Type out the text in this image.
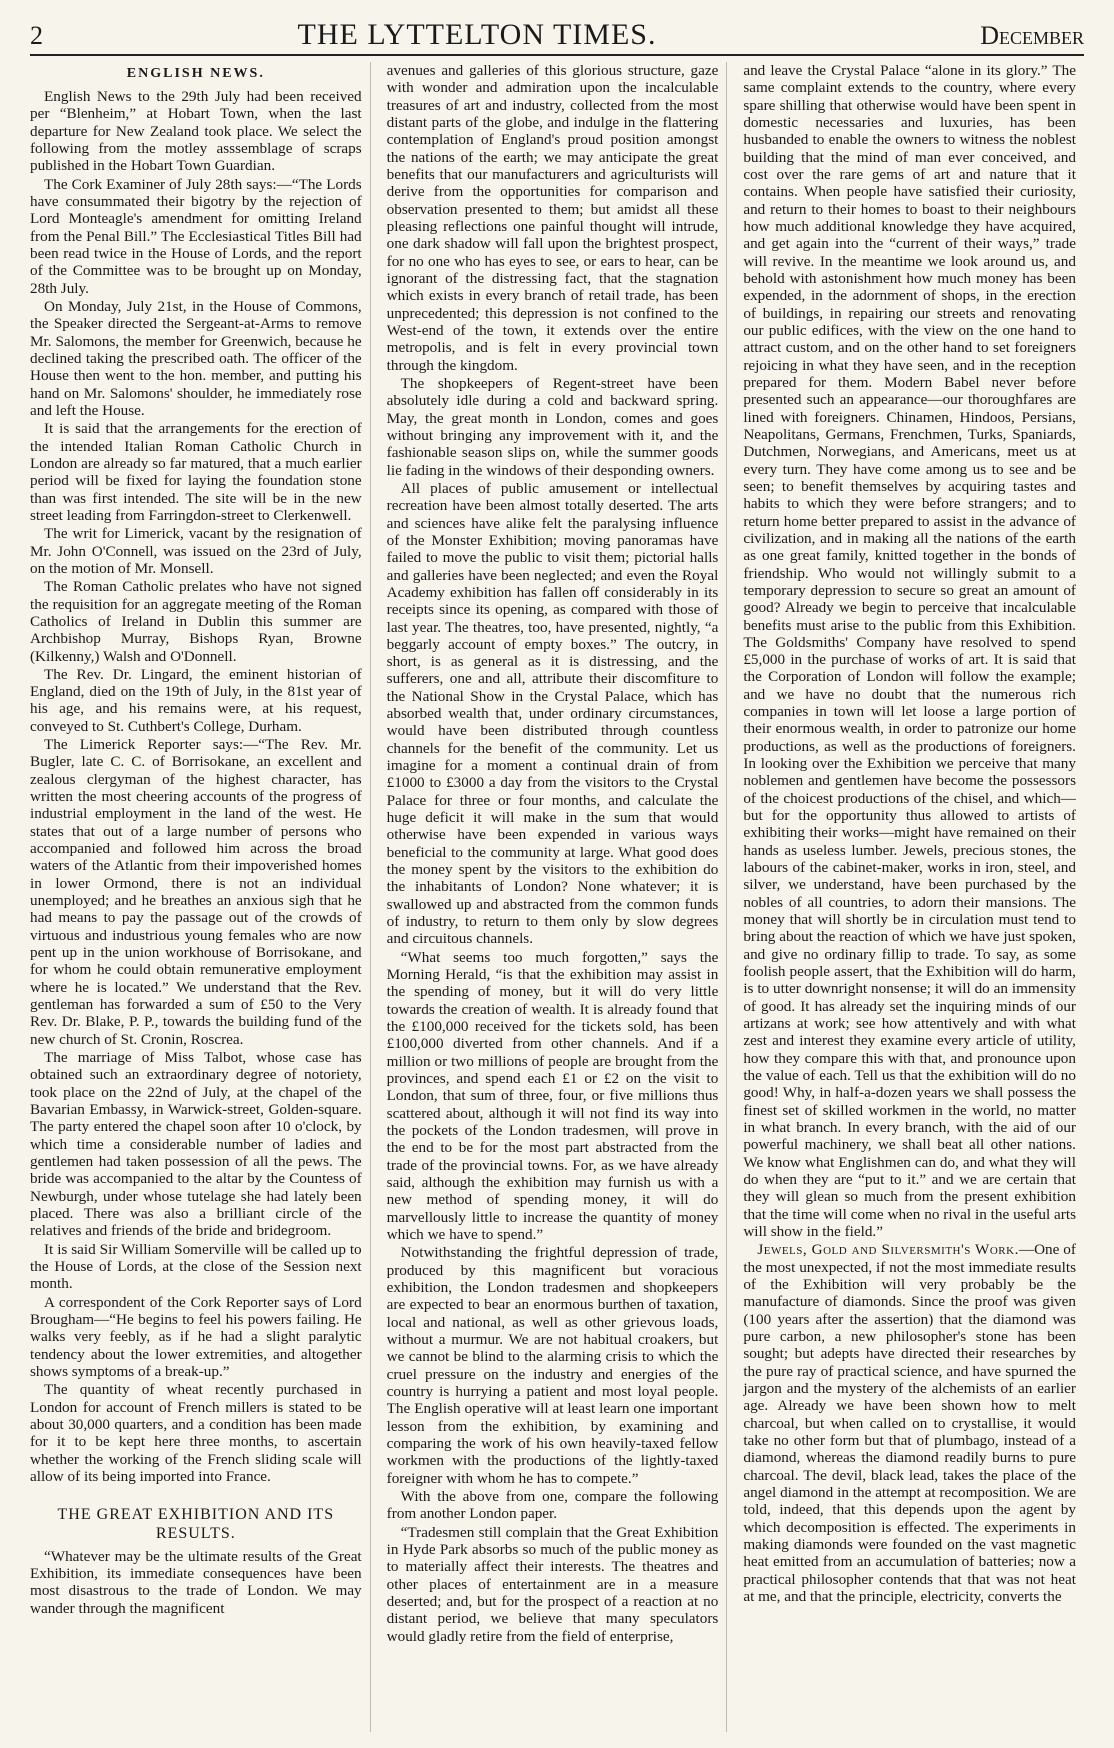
2	THE LYTTELTON TIMES.	December
ENGLISH NEWS.

English News to the 29th July had been received per “Blenheim,” at Hobart Town, when the last departure for New Zealand took place. We select the following from the motley asssemblage of scraps published in the Hobart Town Guardian.

The Cork Examiner of July 28th says:—“The Lords have consummated their bigotry by the rejection of Lord Monteagle's amendment for omitting Ireland from the Penal Bill.” The Ecclesiastical Titles Bill had been read twice in the House of Lords, and the report of the Committee was to be brought up on Monday, 28th July.

On Monday, July 21st, in the House of Commons, the Speaker directed the Sergeant-at-Arms to remove Mr. Salomons, the member for Greenwich, because he declined taking the prescribed oath. The officer of the House then went to the hon. member, and putting his hand on Mr. Salomons' shoulder, he immediately rose and left the House.

It is said that the arrangements for the erection of the intended Italian Roman Catholic Church in London are already so far matured, that a much earlier period will be fixed for laying the foundation stone than was first intended. The site will be in the new street leading from Farringdon-street to Clerkenwell.

The writ for Limerick, vacant by the resignation of Mr. John O'Connell, was issued on the 23rd of July, on the motion of Mr. Monsell.

The Roman Catholic prelates who have not signed the requisition for an aggregate meeting of the Roman Catholics of Ireland in Dublin this summer are Archbishop Murray, Bishops Ryan, Browne (Kilkenny,) Walsh and O'Donnell.

The Rev. Dr. Lingard, the eminent historian of England, died on the 19th of July, in the 81st year of his age, and his remains were, at his request, conveyed to St. Cuthbert's College, Durham.

The Limerick Reporter says:—“The Rev. Mr. Bugler, late C. C. of Borrisokane, an excellent and zealous clergyman of the highest character, has written the most cheering accounts of the progress of industrial employment in the land of the west. He states that out of a large number of persons who accompanied and followed him across the broad waters of the Atlantic from their impoverished homes in lower Ormond, there is not an individual unemployed; and he breathes an anxious sigh that he had means to pay the passage out of the crowds of virtuous and industrious young females who are now pent up in the union workhouse of Borrisokane, and for whom he could obtain remunerative employment where he is located.” We understand that the Rev. gentleman has forwarded a sum of £50 to the Very Rev. Dr. Blake, P. P., towards the building fund of the new church of St. Cronin, Roscrea.

The marriage of Miss Talbot, whose case has obtained such an extraordinary degree of notoriety, took place on the 22nd of July, at the chapel of the Bavarian Embassy, in Warwick-street, Golden-square. The party entered the chapel soon after 10 o'clock, by which time a considerable number of ladies and gentlemen had taken possession of all the pews. The bride was accompanied to the altar by the Countess of Newburgh, under whose tutelage she had lately been placed. There was also a brilliant circle of the relatives and friends of the bride and bridegroom.

It is said Sir William Somerville will be called up to the House of Lords, at the close of the Session next month.

A correspondent of the Cork Reporter says of Lord Brougham—“He begins to feel his powers failing. He walks very feebly, as if he had a slight paralytic tendency about the lower extremities, and altogether shows symptoms of a break-up.”

The quantity of wheat recently purchased in London for account of French millers is stated to be about 30,000 quarters, and a condition has been made for it to be kept here three months, to ascertain whether the working of the French sliding scale will allow of its being imported into France.

THE GREAT EXHIBITION AND ITS RESULTS.

“Whatever may be the ultimate results of the Great Exhibition, its immediate consequences have been most disastrous to the trade of London. We may wander through the magnificent

avenues and galleries of this glorious structure, gaze with wonder and admiration upon the incalculable treasures of art and industry, collected from the most distant parts of the globe, and indulge in the flattering contemplation of England's proud position amongst the nations of the earth; we may anticipate the great benefits that our manufacturers and agriculturists will derive from the opportunities for comparison and observation presented to them; but amidst all these pleasing reflections one painful thought will intrude, one dark shadow will fall upon the brightest prospect, for no one who has eyes to see, or ears to hear, can be ignorant of the distressing fact, that the stagnation which exists in every branch of retail trade, has been unprecedented; this depression is not confined to the West-end of the town, it extends over the entire metropolis, and is felt in every provincial town through the kingdom.

The shopkeepers of Regent-street have been absolutely idle during a cold and backward spring. May, the great month in London, comes and goes without bringing any improvement with it, and the fashionable season slips on, while the summer goods lie fading in the windows of their desponding owners.

All places of public amusement or intellectual recreation have been almost totally deserted. The arts and sciences have alike felt the paralysing influence of the Monster Exhibition; moving panoramas have failed to move the public to visit them; pictorial halls and galleries have been neglected; and even the Royal Academy exhibition has fallen off considerably in its receipts since its opening, as compared with those of last year. The theatres, too, have presented, nightly, “a beggarly account of empty boxes.” The outcry, in short, is as general as it is distressing, and the sufferers, one and all, attribute their discomfiture to the National Show in the Crystal Palace, which has absorbed wealth that, under ordinary circumstances, would have been distributed through countless channels for the benefit of the community. Let us imagine for a moment a continual drain of from £1000 to £3000 a day from the visitors to the Crystal Palace for three or four months, and calculate the huge deficit it will make in the sum that would otherwise have been expended in various ways beneficial to the community at large. What good does the money spent by the visitors to the exhibition do the inhabitants of London? None whatever; it is swallowed up and abstracted from the common funds of industry, to return to them only by slow degrees and circuitous channels.

“What seems too much forgotten,” says the Morning Herald, “is that the exhibition may assist in the spending of money, but it will do very little towards the creation of wealth. It is already found that the £100,000 received for the tickets sold, has been £100,000 diverted from other channels. And if a million or two millions of people are brought from the provinces, and spend each £1 or £2 on the visit to London, that sum of three, four, or five millions thus scattered about, although it will not find its way into the pockets of the London tradesmen, will prove in the end to be for the most part abstracted from the trade of the provincial towns. For, as we have already said, although the exhibition may furnish us with a new method of spending money, it will do marvellously little to increase the quantity of money which we have to spend.”

Notwithstanding the frightful depression of trade, produced by this magnificent but voracious exhibition, the London tradesmen and shopkeepers are expected to bear an enormous burthen of taxation, local and national, as well as other grievous loads, without a murmur. We are not habitual croakers, but we cannot be blind to the alarming crisis to which the cruel pressure on the industry and energies of the country is hurrying a patient and most loyal people. The English operative will at least learn one important lesson from the exhibition, by examining and comparing the work of his own heavily-taxed fellow workmen with the productions of the lightly-taxed foreigner with whom he has to compete.”

With the above from one, compare the following from another London paper.

“Tradesmen still complain that the Great Exhibition in Hyde Park absorbs so much of the public money as to materially affect their interests. The theatres and other places of entertainment are in a measure deserted; and, but for the prospect of a reaction at no distant period, we believe that many speculators would gladly retire from the field of enterprise,

and leave the Crystal Palace “alone in its glory.” The same complaint extends to the country, where every spare shilling that otherwise would have been spent in domestic necessaries and luxuries, has been husbanded to enable the owners to witness the noblest building that the mind of man ever conceived, and cost over the rare gems of art and nature that it contains. When people have satisfied their curiosity, and return to their homes to boast to their neighbours how much additional knowledge they have acquired, and get again into the “current of their ways,” trade will revive. In the meantime we look around us, and behold with astonishment how much money has been expended, in the adornment of shops, in the erection of buildings, in repairing our streets and renovating our public edifices, with the view on the one hand to attract custom, and on the other hand to set foreigners rejoicing in what they have seen, and in the reception prepared for them. Modern Babel never before presented such an appearance—our thoroughfares are lined with foreigners. Chinamen, Hindoos, Persians, Neapolitans, Germans, Frenchmen, Turks, Spaniards, Dutchmen, Norwegians, and Americans, meet us at every turn. They have come among us to see and be seen; to benefit themselves by acquiring tastes and habits to which they were before strangers; and to return home better prepared to assist in the advance of civilization, and in making all the nations of the earth as one great family, knitted together in the bonds of friendship. Who would not willingly submit to a temporary depression to secure so great an amount of good? Already we begin to perceive that incalculable benefits must arise to the public from this Exhibition. The Goldsmiths' Company have resolved to spend £5,000 in the purchase of works of art. It is said that the Corporation of London will follow the example; and we have no doubt that the numerous rich companies in town will let loose a large portion of their enormous wealth, in order to patronize our home productions, as well as the productions of foreigners. In looking over the Exhibition we perceive that many noblemen and gentlemen have become the possessors of the choicest productions of the chisel, and which—but for the opportunity thus allowed to artists of exhibiting their works—might have remained on their hands as useless lumber. Jewels, precious stones, the labours of the cabinet-maker, works in iron, steel, and silver, we understand, have been purchased by the nobles of all countries, to adorn their mansions. The money that will shortly be in circulation must tend to bring about the reaction of which we have just spoken, and give no ordinary fillip to trade. To say, as some foolish people assert, that the Exhibition will do harm, is to utter downright nonsense; it will do an immensity of good. It has already set the inquiring minds of our artizans at work; see how attentively and with what zest and interest they examine every article of utility, how they compare this with that, and pronounce upon the value of each. Tell us that the exhibition will do no good! Why, in half-a-dozen years we shall possess the finest set of skilled workmen in the world, no matter in what branch. In every branch, with the aid of our powerful machinery, we shall beat all other nations. We know what Englishmen can do, and what they will do when they are “put to it.” and we are certain that they will glean so much from the present exhibition that the time will come when no rival in the useful arts will show in the field.”

Jewels, Gold and Silversmith's Work.—One of the most unexpected, if not the most immediate results of the Exhibition will very probably be the manufacture of diamonds. Since the proof was given (100 years after the assertion) that the diamond was pure carbon, a new philosopher's stone has been sought; but adepts have directed their researches by the pure ray of practical science, and have spurned the jargon and the mystery of the alchemists of an earlier age. Already we have been shown how to melt charcoal, but when called on to crystallise, it would take no other form but that of plumbago, instead of a diamond, whereas the diamond readily burns to pure charcoal. The devil, black lead, takes the place of the angel diamond in the attempt at recomposition. We are told, indeed, that this depends upon the agent by which decomposition is effected. The experiments in making diamonds were founded on the vast magnetic heat emitted from an accumulation of batteries; now a practical philosopher contends that that was not heat at me, and that the principle, electricity, converts the
